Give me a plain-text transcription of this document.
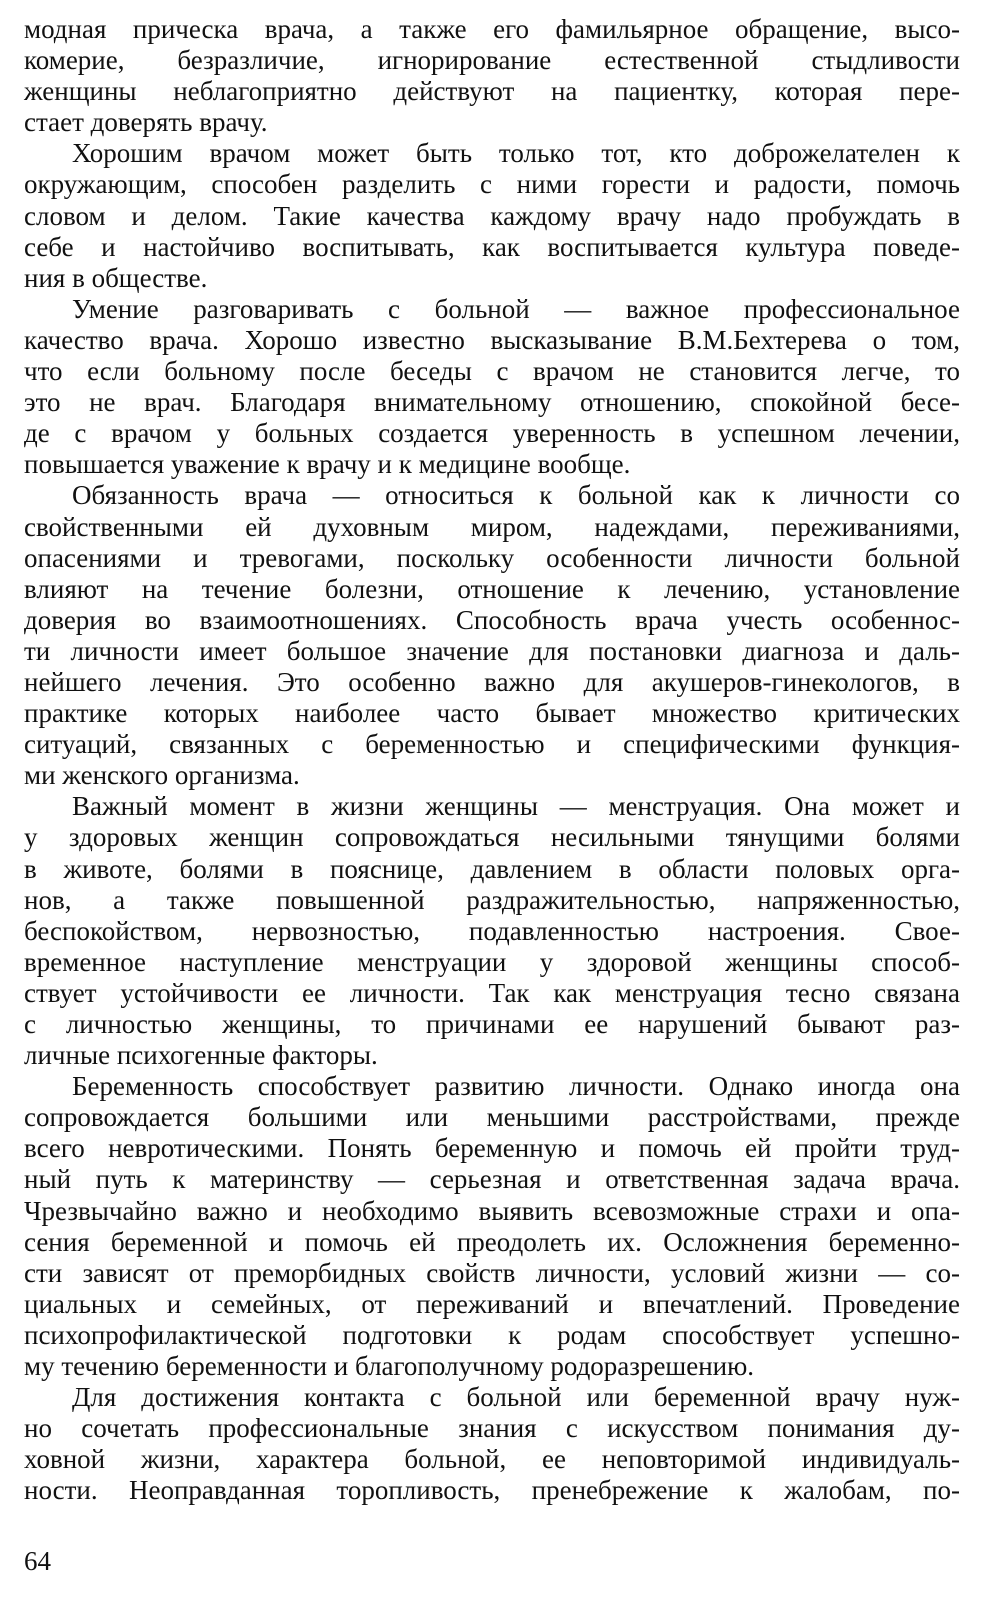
модная прическа врача, а также его фамильярное обращение, высо-
комерие, безразличие, игнорирование естественной стыдливости
женщины неблагоприятно действуют на пациентку, которая пере-
стает доверять врачу.
Хорошим врачом может быть только тот, кто доброжелателен к
окружающим, способен разделить с ними горести и радости, помочь
словом и делом. Такие качества каждому врачу надо пробуждать в
себе и настойчиво воспитывать, как воспитывается культура поведе-
ния в обществе.
Умение разговаривать с больной — важное профессиональное
качество врача. Хорошо известно высказывание В.М.Бехтерева о том,
что если больному после беседы с врачом не становится легче, то
это не врач. Благодаря внимательному отношению, спокойной бесе-
де с врачом у больных создается уверенность в успешном лечении,
повышается уважение к врачу и к медицине вообще.
Обязанность врача — относиться к больной как к личности со
свойственными ей духовным миром, надеждами, переживаниями,
опасениями и тревогами, поскольку особенности личности больной
влияют на течение болезни, отношение к лечению, установление
доверия во взаимоотношениях. Способность врача учесть особеннос-
ти личности имеет большое значение для постановки диагноза и даль-
нейшего лечения. Это особенно важно для акушеров-гинекологов, в
практике которых наиболее часто бывает множество критических
ситуаций, связанных с беременностью и специфическими функция-
ми женского организма.
Важный момент в жизни женщины — менструация. Она может и
у здоровых женщин сопровождаться несильными тянущими болями
в животе, болями в пояснице, давлением в области половых орга-
нов, а также повышенной раздражительностью, напряженностью,
беспокойством, нервозностью, подавленностью настроения. Свое-
временное наступление менструации у здоровой женщины способ-
ствует устойчивости ее личности. Так как менструация тесно связана
с личностью женщины, то причинами ее нарушений бывают раз-
личные психогенные факторы.
Беременность способствует развитию личности. Однако иногда она
сопровождается большими или меньшими расстройствами, прежде
всего невротическими. Понять беременную и помочь ей пройти труд-
ный путь к материнству — серьезная и ответственная задача врача.
Чрезвычайно важно и необходимо выявить всевозможные страхи и опа-
сения беременной и помочь ей преодолеть их. Осложнения беременно-
сти зависят от преморбидных свойств личности, условий жизни — со-
циальных и семейных, от переживаний и впечатлений. Проведение
психопрофилактической подготовки к родам способствует успешно-
му течению беременности и благополучному родоразрешению.
Для достижения контакта с больной или беременной врачу нуж-
но сочетать профессиональные знания с искусством понимания ду-
ховной жизни, характера больной, ее неповторимой индивидуаль-
ности. Неоправданная торопливость, пренебрежение к жалобам, по-
64
